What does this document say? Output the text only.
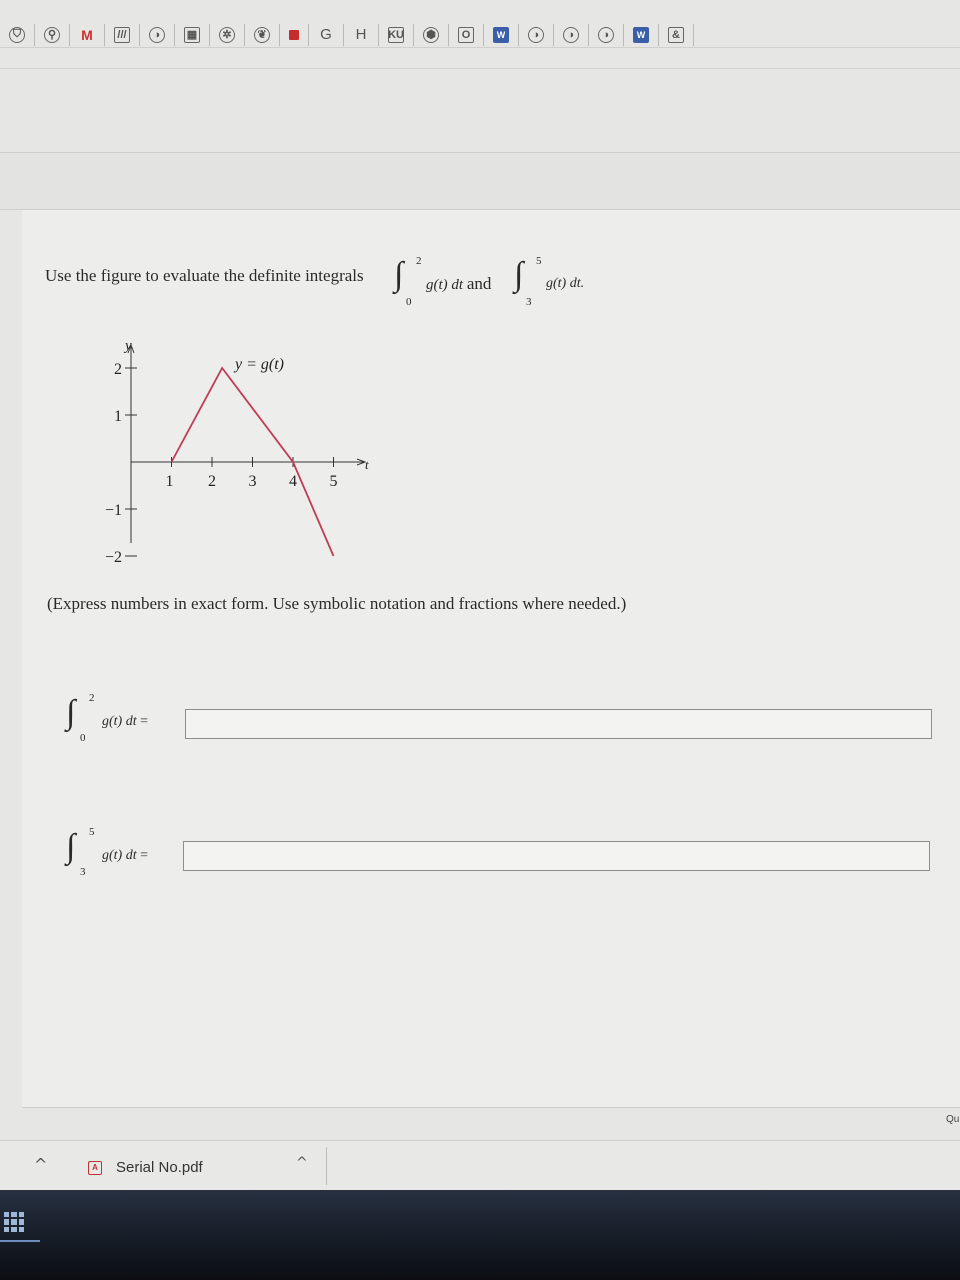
⛉	⚲ M	///	◑	▦	✲	❦	G H KU ⬢	O	W	◑	◑	◑	W	&
Use the figure to evaluate the definite integrals ∫ 2
0
g(t) dt and ∫ 5
3
g(t) dt.
1 2 3 4 5
2
1
−1
−2
y = g(t)
y
t
(Express numbers in exact form. Use symbolic notation and fractions where needed.)
∫ 2
0
g(t) dt =
∫ 5
3
g(t) dt =
Qu
^	A Serial No.pdf	^
